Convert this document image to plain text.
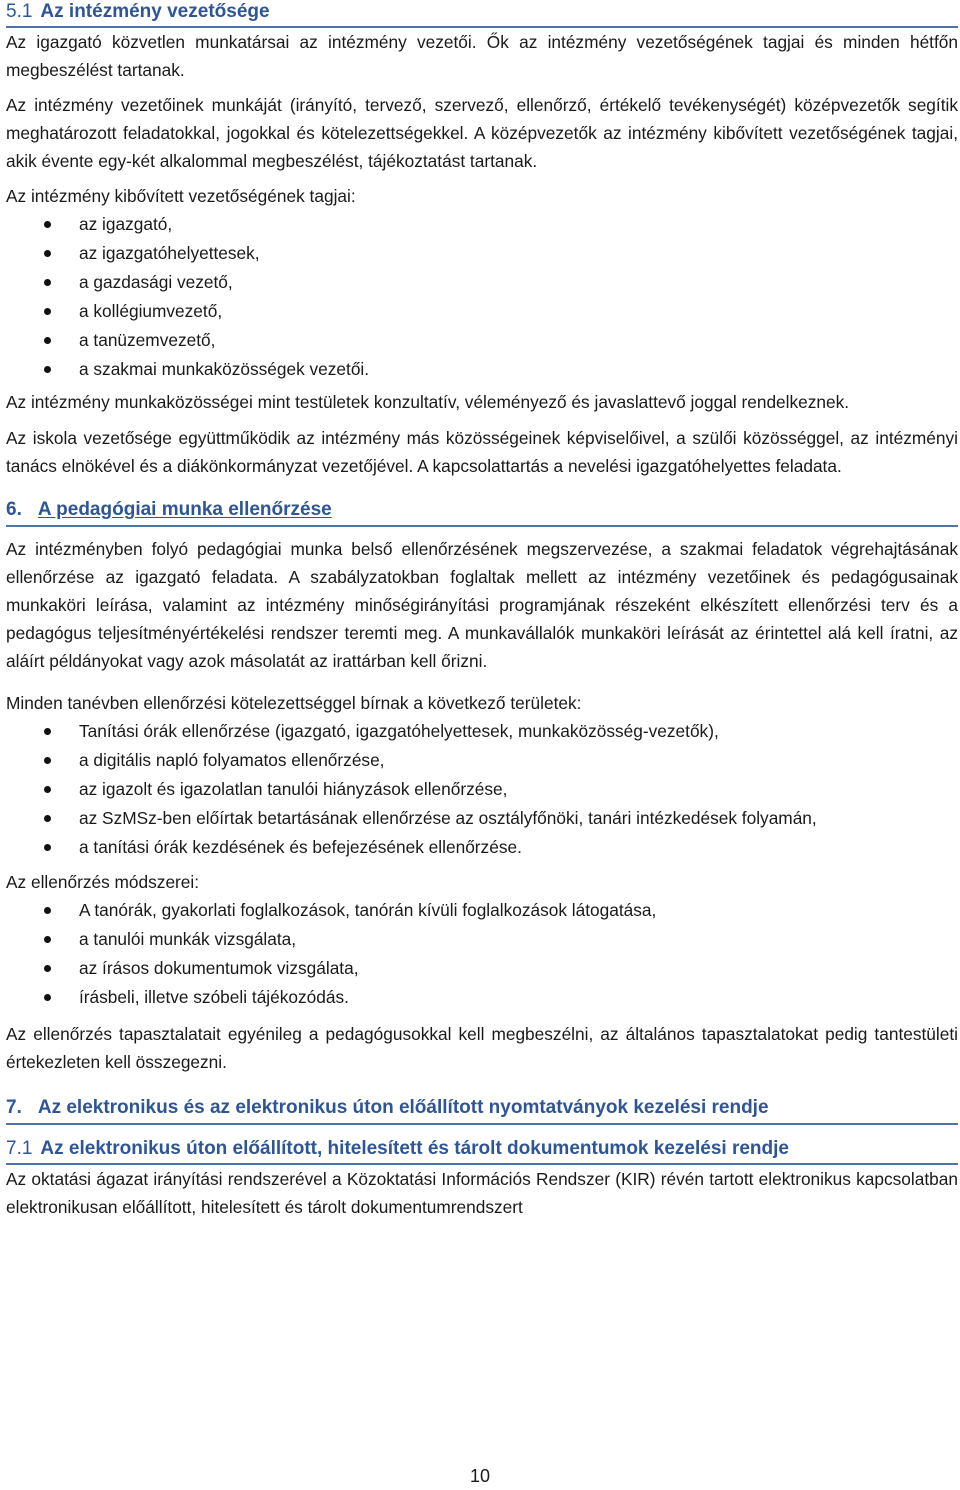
5.1 Az intézmény vezetősége

Az igazgató közvetlen munkatársai az intézmény vezetői. Ők az intézmény vezetőségének tagjai és minden hétfőn megbeszélést tartanak.

Az intézmény vezetőinek munkáját (irányító, tervező, szervező, ellenőrző, értékelő tevékenységét) középvezetők segítik meghatározott feladatokkal, jogokkal és kötelezettségekkel. A középvezetők az intézmény kibővített vezetőségének tagjai, akik évente egy-két alkalommal megbeszélést, tájékoztatást tartanak.

Az intézmény kibővített vezetőségének tagjai:

az igazgató,
az igazgatóhelyettesek,
a gazdasági vezető,
a kollégiumvezető,
a tanüzemvezető,
a szakmai munkaközösségek vezetői.

Az intézmény munkaközösségei mint testületek konzultatív, véleményező és javaslattevő joggal rendelkeznek.

Az iskola vezetősége együttműködik az intézmény más közösségeinek képviselőivel, a szülői közösséggel, az intézményi tanács elnökével és a diákönkormányzat vezetőjével. A kapcsolattartás a nevelési igazgatóhelyettes feladata.

6. A pedagógiai munka ellenőrzése

Az intézményben folyó pedagógiai munka belső ellenőrzésének megszervezése, a szakmai feladatok végrehajtásának ellenőrzése az igazgató feladata. A szabályzatokban foglaltak mellett az intézmény vezetőinek és pedagógusainak munkaköri leírása, valamint az intézmény minőségirányítási programjának részeként elkészített ellenőrzési terv és a pedagógus teljesítményértékelési rendszer teremti meg. A munkavállalók munkaköri leírását az érintettel alá kell íratni, az aláírt példányokat vagy azok másolatát az irattárban kell őrizni.

Minden tanévben ellenőrzési kötelezettséggel bírnak a következő területek:

Tanítási órák ellenőrzése (igazgató, igazgatóhelyettesek, munkaközösség-vezetők),
a digitális napló folyamatos ellenőrzése,
az igazolt és igazolatlan tanulói hiányzások ellenőrzése,
az SzMSz-ben előírtak betartásának ellenőrzése az osztályfőnöki, tanári intézkedések folyamán,
a tanítási órák kezdésének és befejezésének ellenőrzése.

Az ellenőrzés módszerei:

A tanórák, gyakorlati foglalkozások, tanórán kívüli foglalkozások látogatása,
a tanulói munkák vizsgálata,
az írásos dokumentumok vizsgálata,
írásbeli, illetve szóbeli tájékozódás.

Az ellenőrzés tapasztalatait egyénileg a pedagógusokkal kell megbeszélni, az általános tapasztalatokat pedig tantestületi értekezleten kell összegezni.

7. Az elektronikus és az elektronikus úton előállított nyomtatványok kezelési rendje
7.1 Az elektronikus úton előállított, hitelesített és tárolt dokumentumok kezelési rendje

Az oktatási ágazat irányítási rendszerével a Közoktatási Információs Rendszer (KIR) révén tartott elektronikus kapcsolatban elektronikusan előállított, hitelesített és tárolt dokumentumrendszert

10
